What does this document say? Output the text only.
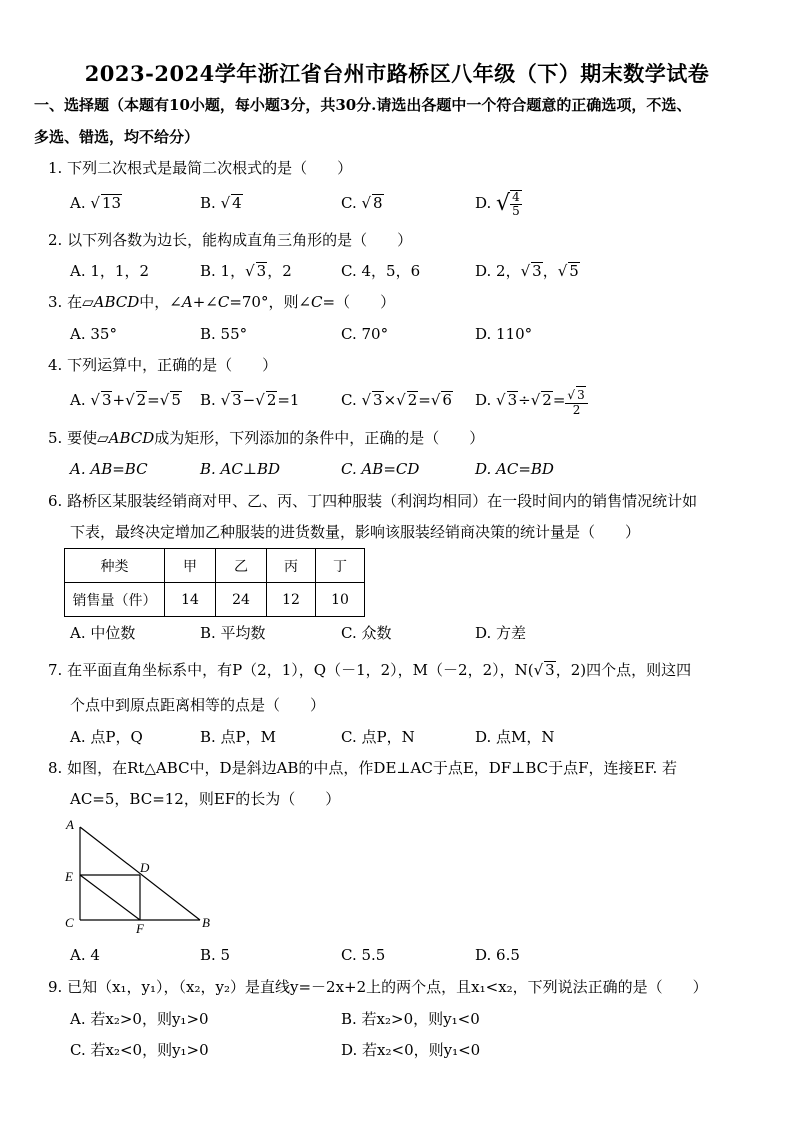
2023-2024学年浙江省台州市路桥区八年级（下）期末数学试卷
一、选择题（本题有10小题，每小题3分，共30分.请选出各题中一个符合题意的正确选项，不选、
多选、错选，均不给分）
1. 下列二次根式是最简二次根式的是（　　）
A. √ 13	B. √ 4	C. √ 8	D. √ $\frac{4}{5}$
2. 以下列各数为边长，能构成直角三角形的是（　　）
A. 1，1，2	B. 1，√ 3，2	C. 4，5，6	D. 2，√ 3，√ 5
3. 在▱ABCD中，∠A+∠C=70°，则∠C=（　　）
A. 35°	B. 55°	C. 70°	D. 110°
4. 下列运算中，正确的是（　　）
A. √ 3+√ 2=√ 5 B. √ 3−√ 2=1	C. √ 3×√ 2=√ 6 D. √ 3÷√ $2= \frac{√ 3}{2}$
5. 要使▱ABCD成为矩形，下列添加的条件中，正确的是（　　）
A. AB=BC	B. AC⊥BD	C. AB=CD	D. AC=BD
6. 路桥区某服装经销商对甲、乙、丙、丁四种服装（利润均相同）在一段时间内的销售情况统计如
下表，最终决定增加乙种服装的进货数量，影响该服装经销商决策的统计量是（　　）
种类	甲	乙	丙	丁
销售量（件）	14	24	12	10
A. 中位数	B. 平均数	C. 众数	D. 方差
7. 在平面直角坐标系中，有P（2，1），Q（－1，2），M（－2，2），N(√ 3，2)四个点，则这四
个点中到原点距离相等的点是（　　）
A. 点P，Q	B. 点P，M	C. 点P，N	D. 点M，N
8. 如图，在Rt△ABC中，D是斜边AB的中点，作DE⊥AC于点E，DF⊥BC于点F，连接EF. 若
AC=5，BC=12，则EF的长为（　　）
A
E
C
D
F	B
A. 4	B. 5	C. 5.5	D. 6.5
9. 已知（x₁，y₁），（x₂，y₂）是直线y=－2x+2上的两个点，且x₁<x₂，下列说法正确的是（　　）
A. 若x₂>0，则y₁>0	B. 若x₂>0，则y₁<0
C. 若x₂<0，则y₁>0	D. 若x₂<0，则y₁<0
